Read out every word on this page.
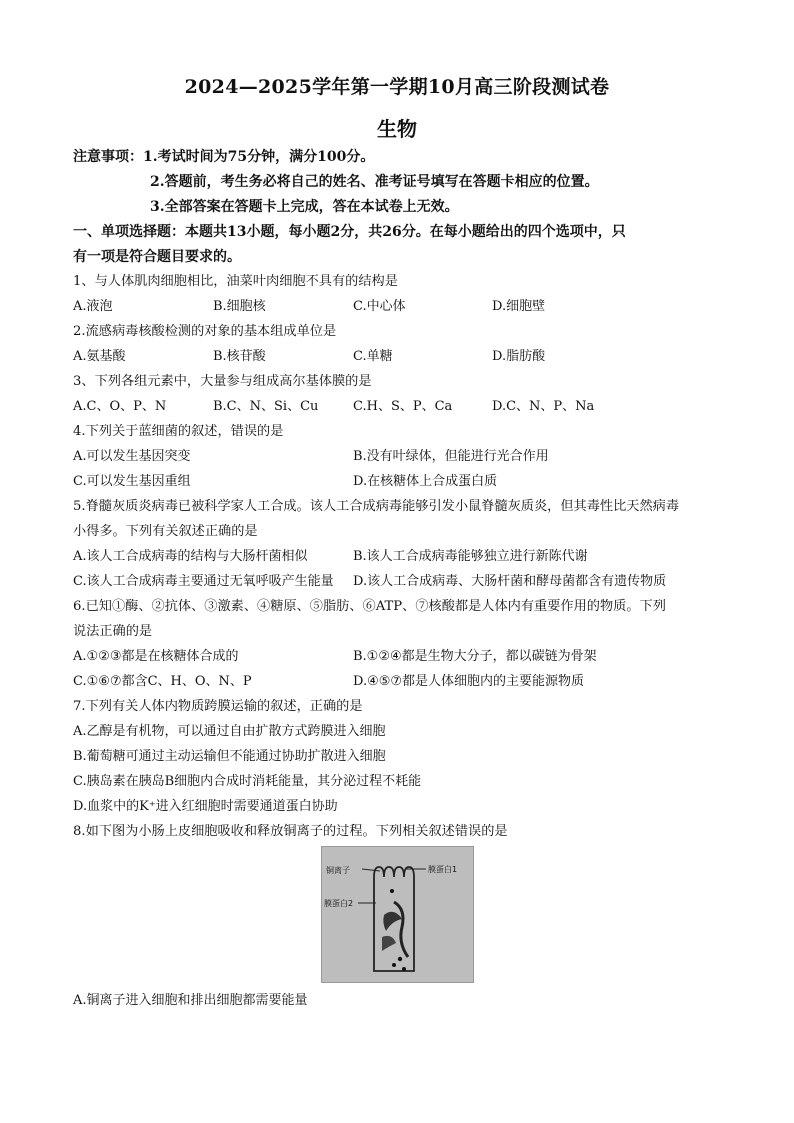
2024—2025学年第一学期10月高三阶段测试卷
生物
注意事项：1.考试时间为75分钟，满分100分。
2.答题前，考生务必将自己的姓名、准考证号填写在答题卡相应的位置。
3.全部答案在答题卡上完成，答在本试卷上无效。
一、单项选择题：本题共13小题，每小题2分，共26分。在每小题给出的四个选项中，只
有一项是符合题目要求的。
1、与人体肌肉细胞相比，油菜叶肉细胞不具有的结构是
A.液泡	B.细胞核	C.中心体	D.细胞壁
2.流感病毒核酸检测的对象的基本组成单位是
A.氨基酸	B.核苷酸	C.单糖	D.脂肪酸
3、下列各组元素中，大量参与组成高尔基体膜的是
A.C、O、P、N	B.C、N、Si、Cu	C.H、S、P、Ca	D.C、N、P、Na
4.下列关于蓝细菌的叙述，错误的是
A.可以发生基因突变	B.没有叶绿体，但能进行光合作用
C.可以发生基因重组	D.在核糖体上合成蛋白质
5.脊髓灰质炎病毒已被科学家人工合成。该人工合成病毒能够引发小鼠脊髓灰质炎，但其毒性比天然病毒
小得多。下列有关叙述正确的是
A.该人工合成病毒的结构与大肠杆菌相似	B.该人工合成病毒能够独立进行新陈代谢
C.该人工合成病毒主要通过无氧呼吸产生能量 D.该人工合成病毒、大肠杆菌和酵母菌都含有遗传物质
6.已知①酶、②抗体、③激素、④糖原、⑤脂肪、⑥ATP、⑦核酸都是人体内有重要作用的物质。下列
说法正确的是
A.①②③都是在核糖体合成的	B.①②④都是生物大分子，都以碳链为骨架
C.①⑥⑦都含C、H、O、N、P	D.④⑤⑦都是人体细胞内的主要能源物质
7.下列有关人体内物质跨膜运输的叙述，正确的是
A.乙醇是有机物，可以通过自由扩散方式跨膜进入细胞
B.葡萄糖可通过主动运输但不能通过协助扩散进入细胞
C.胰岛素在胰岛B细胞内合成时消耗能量，其分泌过程不耗能
D.血浆中的K⁺进入红细胞时需要通道蛋白协助
8.如下图为小肠上皮细胞吸收和释放铜离子的过程。下列相关叙述错误的是
铜离子	膜蛋白1
膜蛋白2
A.铜离子进入细胞和排出细胞都需要能量
